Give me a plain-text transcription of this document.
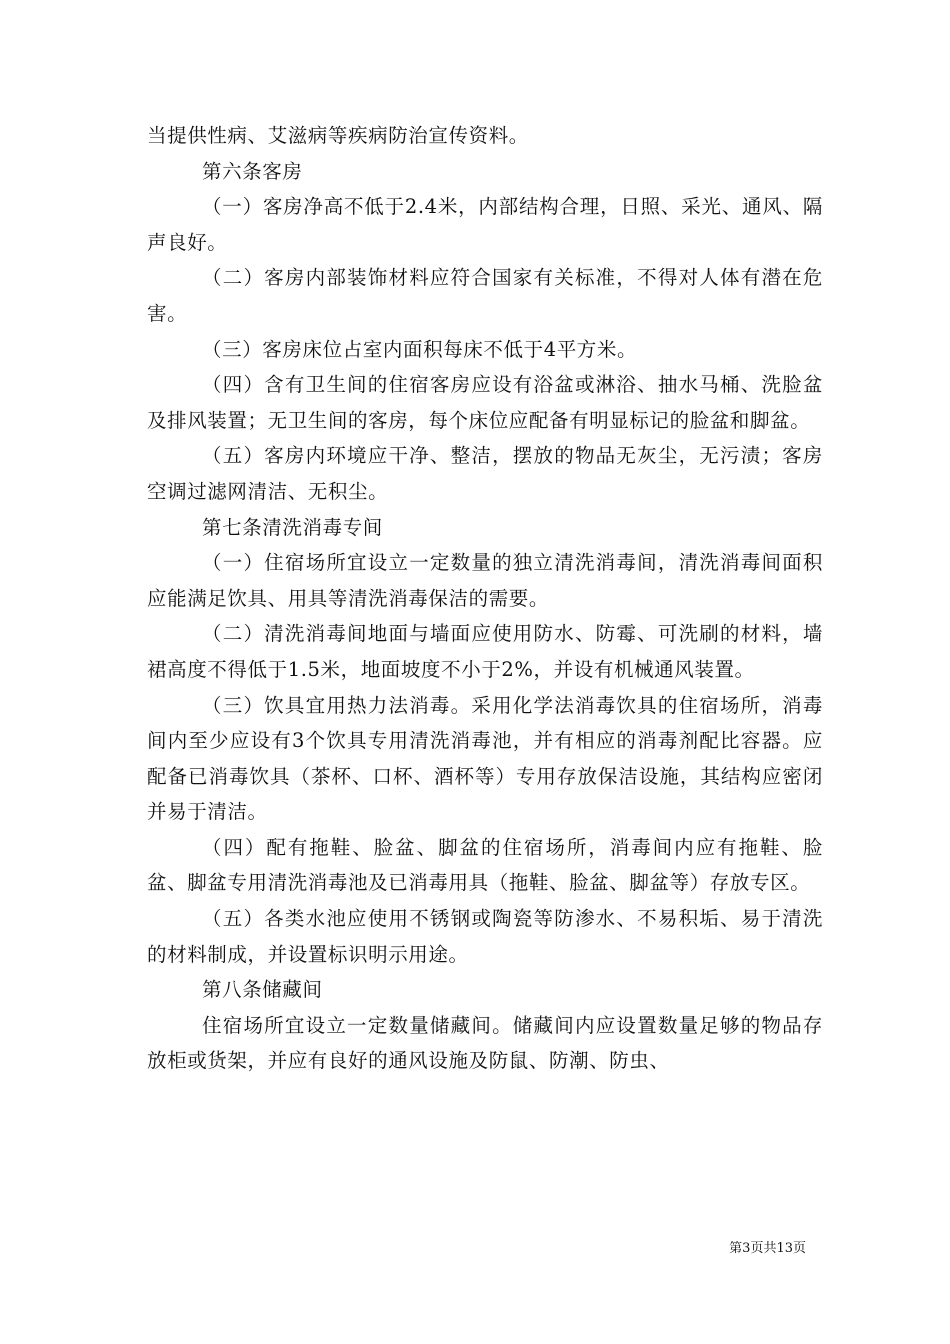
当提供性病、艾滋病等疾病防治宣传资料。

第六条客房

（一）客房净高不低于2.4米，内部结构合理，日照、采光、通风、隔声良好。

（二）客房内部装饰材料应符合国家有关标准，不得对人体有潜在危害。

（三）客房床位占室内面积每床不低于4平方米。

（四）含有卫生间的住宿客房应设有浴盆或淋浴、抽水马桶、洗脸盆及排风装置；无卫生间的客房，每个床位应配备有明显标记的脸盆和脚盆。

（五）客房内环境应干净、整洁，摆放的物品无灰尘，无污渍；客房空调过滤网清洁、无积尘。

第七条清洗消毒专间

（一）住宿场所宜设立一定数量的独立清洗消毒间，清洗消毒间面积应能满足饮具、用具等清洗消毒保洁的需要。

（二）清洗消毒间地面与墙面应使用防水、防霉、可洗刷的材料，墙裙高度不得低于1.5米，地面坡度不小于2%，并设有机械通风装置。

（三）饮具宜用热力法消毒。采用化学法消毒饮具的住宿场所，消毒间内至少应设有3个饮具专用清洗消毒池，并有相应的消毒剂配比容器。应配备已消毒饮具（茶杯、口杯、酒杯等）专用存放保洁设施，其结构应密闭并易于清洁。

（四）配有拖鞋、脸盆、脚盆的住宿场所，消毒间内应有拖鞋、脸盆、脚盆专用清洗消毒池及已消毒用具（拖鞋、脸盆、脚盆等）存放专区。

（五）各类水池应使用不锈钢或陶瓷等防渗水、不易积垢、易于清洗的材料制成，并设置标识明示用途。

第八条储藏间

住宿场所宜设立一定数量储藏间。储藏间内应设置数量足够的物品存放柜或货架，并应有良好的通风设施及防鼠、防潮、防虫、

第3页共13页
